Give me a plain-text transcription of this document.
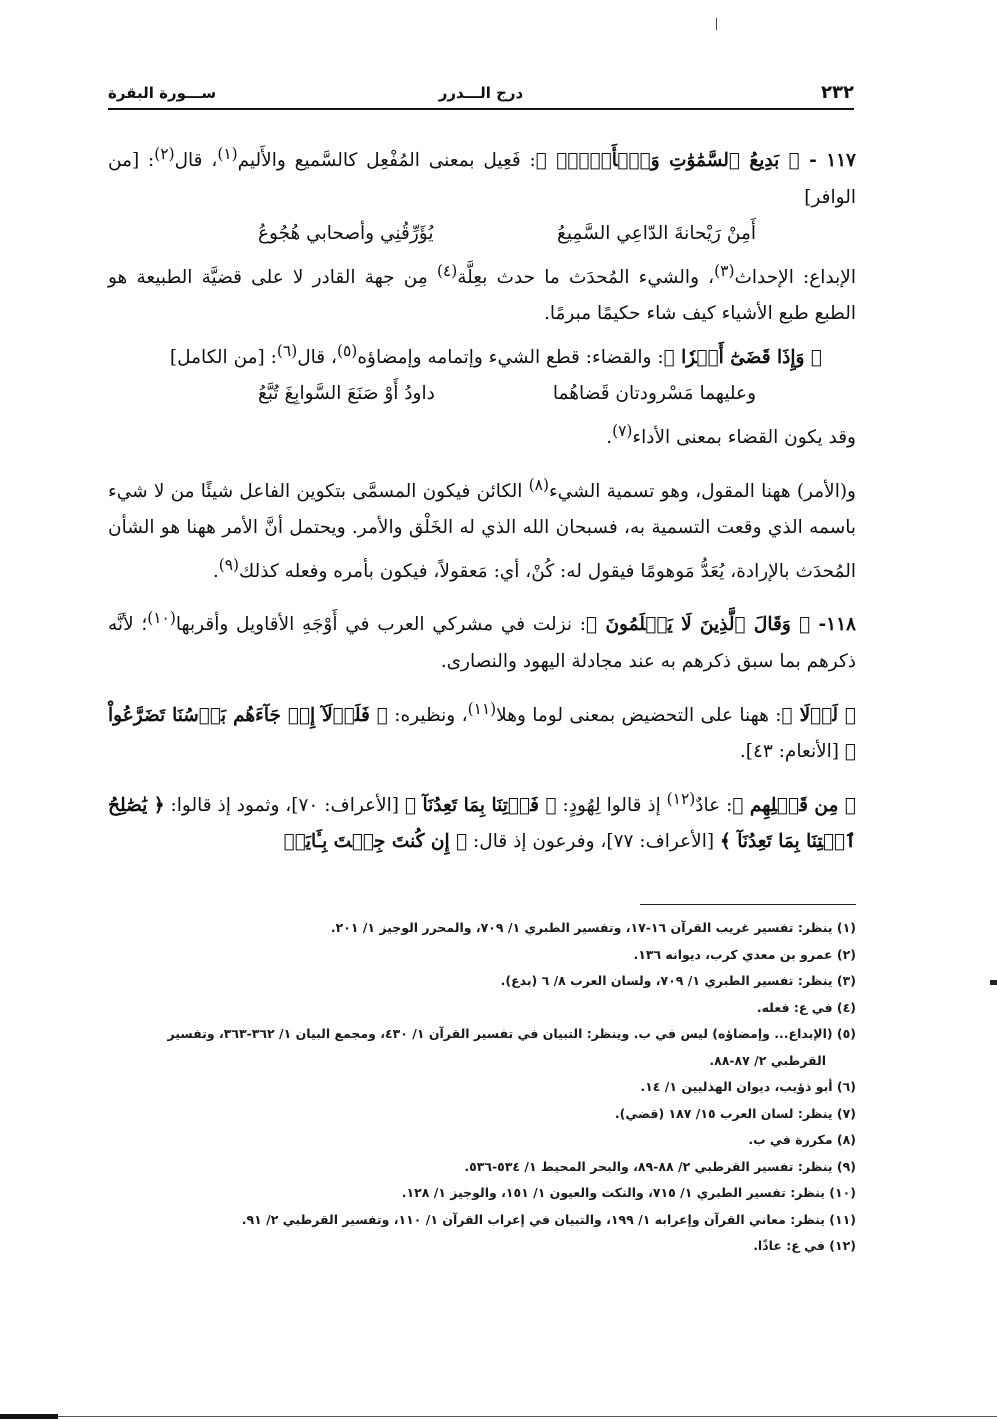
٢٣٢
درج الـــدرر
ســـورة البقرة

١١٧ - ﴿ بَدِيعُ ٱلسَّمَٰوَٰتِ وَٱلۡأَرۡضِۖ ﴾: فَعِيل بمعنى المُفْعِل كالسَّميع والأَليم$^{(١)}$، قال$^{(٢)}$: [من الوافر]

أَمِنْ رَيْحانةَ الدّاعِي السَّمِيعُ
يُؤَرِّقُنِي وأصحابي هُجُوعُ

الإبداع: الإحداث$^{(٣)}$، والشيء المُحدَث ما حدث بعِلَّة$^{(٤)}$ مِن جهة القادر لا على قضيَّة الطبيعة هو الطبع طبع الأشياء كيف شاء حكيمًا مبرمًا.

﴿ وَإِذَا قَضَىٰٓ أَمۡرٗا ﴾: والقضاء: قطع الشيء وإتمامه وإمضاؤه$^{(٥)}$، قال$^{(٦)}$: [من الكامل]

وعليهما مَسْرودتان قَضاهُما
داودُ أَوْ صَنَعَ السَّوابِغَ تُبَّعُ

وقد يكون القضاء بمعنى الأداء$^{(٧)}$.

و(الأمر) ههنا المقول، وهو تسمية الشيء$^{(٨)}$ الكائن فيكون المسمَّى بتكوين الفاعل شيئًا من لا شيء باسمه الذي وقعت التسمية به، فسبحان الله الذي له الخَلْق والأمر. ويحتمل أنَّ الأمر ههنا هو الشأن المُحدَث بالإرادة، يُعَدُّ مَوهومًا فيقول له: كُنْ، أي: مَعقولاً، فيكون بأمره وفعله كذلك$^{(٩)}$.

١١٨- ﴿ وَقَالَ ٱلَّذِينَ لَا يَعۡلَمُونَ ﴾: نزلت في مشركي العرب في أَوْجَهِ الأقاويل وأقربها$^{(١٠)}$؛ لأنَّه ذكرهم بما سبق ذكرهم به عند مجادلة اليهود والنصارى.

﴿ لَوۡلَا ﴾: ههنا على التحضيض بمعنى لوما وهلا$^{(١١)}$، ونظيره: ﴿ فَلَوۡلَآ إِذۡ جَآءَهُم بَأۡسُنَا تَضَرَّعُواْ ﴾ [الأنعام: ٤٣].

﴿ مِن قَبۡلِهِم ﴾: عادٌ$^{(١٢)}$ إذ قالوا لِهُودٍ: ﴿ فَأۡتِنَا بِمَا تَعِدُنَآ ﴾ [الأعراف: ٧٠]، وثمود إذ قالوا: ﴿ يَٰصَٰلِحُ ٱئۡتِنَا بِمَا تَعِدُنَآ ﴾ [الأعراف: ٧٧]، وفرعون إذ قال: ﴿ إِن كُنتَ جِئۡتَ بِـَٔايَةٖ

(١) ينظر: تفسير غريب القرآن ١٦-١٧، وتفسير الطبري ١/ ٧٠٩، والمحرر الوجيز ١/ ٢٠١.

(٢) عمرو بن معدي كرب، ديوانه ١٣٦.

(٣) ينظر: تفسير الطبري ١/ ٧٠٩، ولسان العرب ٨/ ٦ (بدع).

(٤) في ع: فعله.

(٥) (الإبداع... وإمضاؤه) ليس في ب. وينظر: التبيان في تفسير القرآن ١/ ٤٣٠، ومجمع البيان ١/ ٣٦٢-٣٦٣، وتفسير

القرطبي ٢/ ٨٧-٨٨.

(٦) أبو ذؤيب، ديوان الهذليين ١/ ١٤.

(٧) ينظر: لسان العرب ١٥/ ١٨٧ (قضي).

(٨) مكررة في ب.

(٩) ينظر: تفسير القرطبي ٢/ ٨٨-٨٩، والبحر المحيط ١/ ٥٣٤-٥٣٦.

(١٠) ينظر: تفسير الطبري ١/ ٧١٥، والنكت والعيون ١/ ١٥١، والوجيز ١/ ١٢٨.

(١١) ينظر: معاني القرآن وإعرابه ١/ ١٩٩، والتبيان في إعراب القرآن ١/ ١١٠، وتفسير القرطبي ٢/ ٩١.

(١٢) في ع: عاذًا.
